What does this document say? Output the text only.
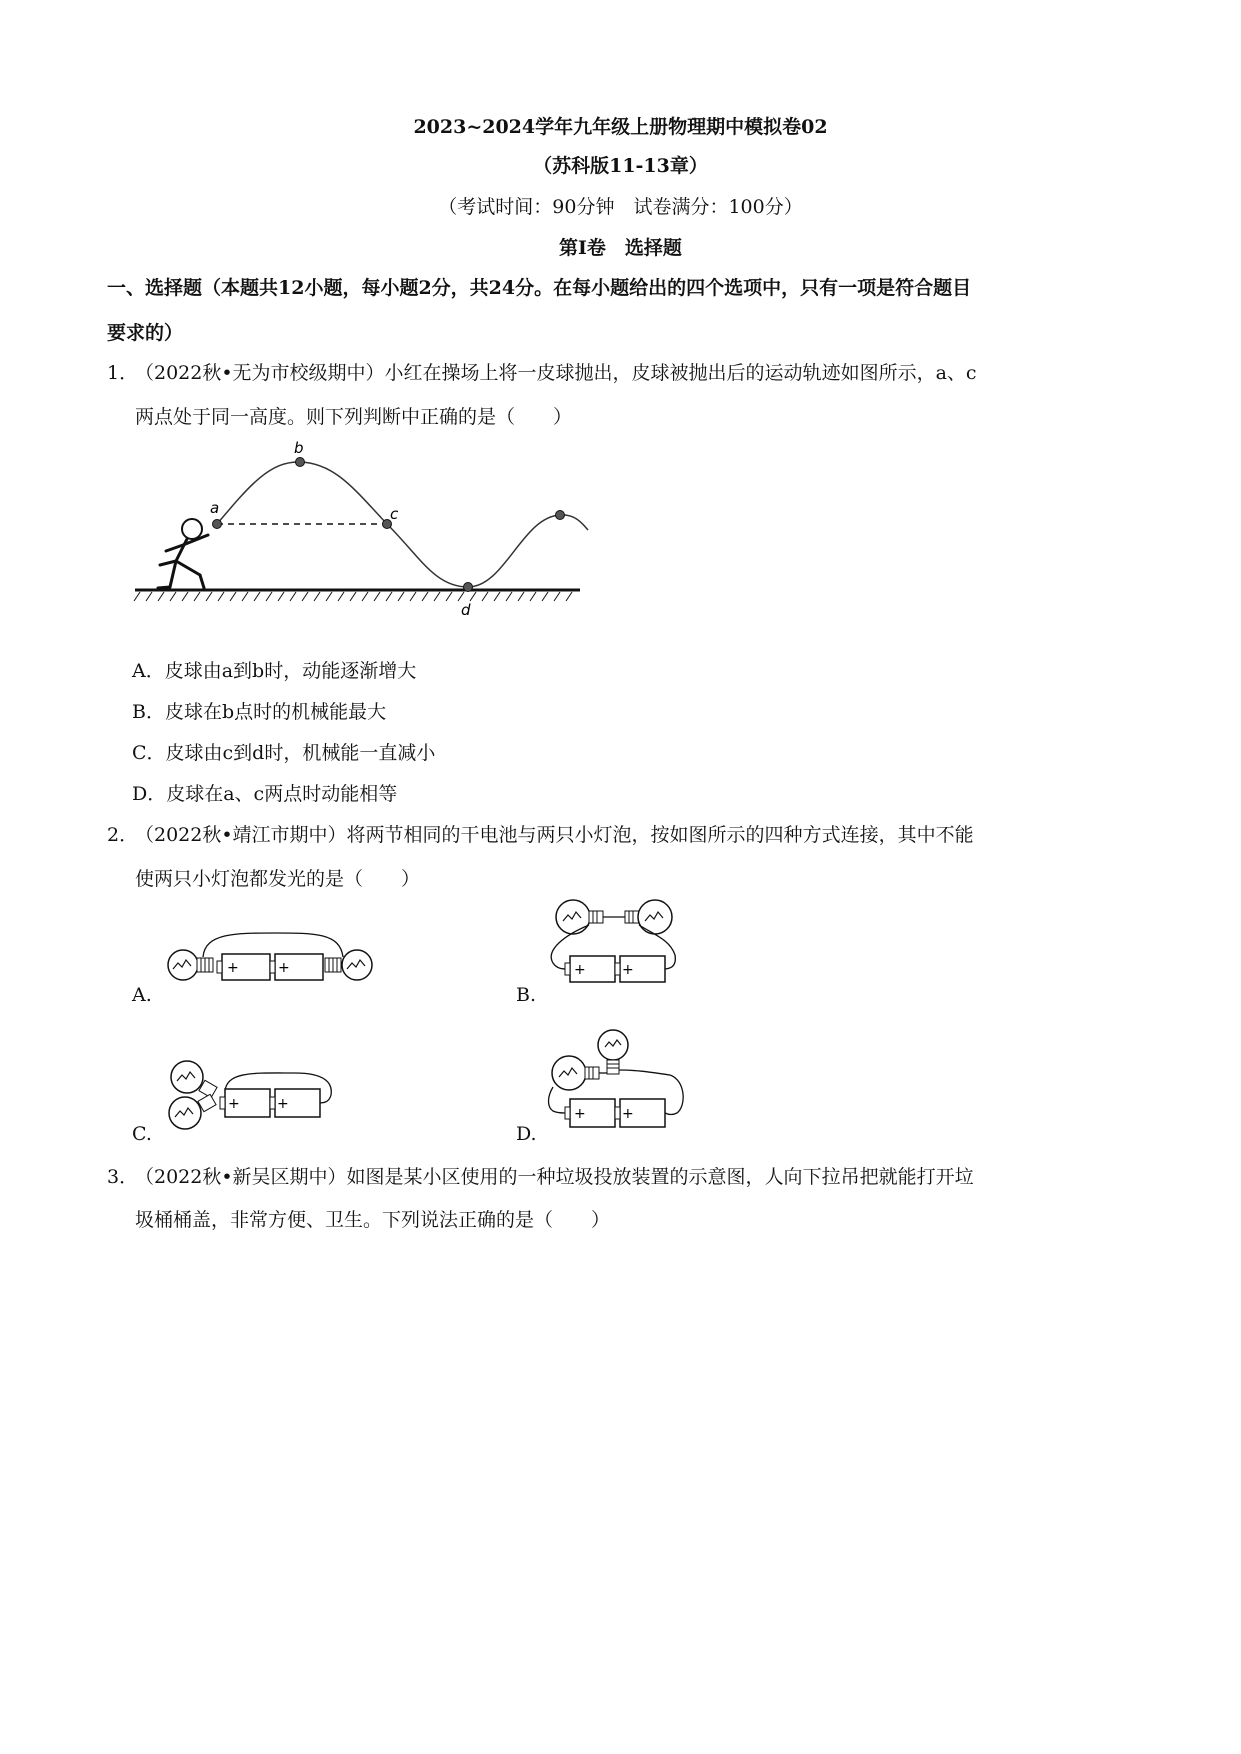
2023~2024学年九年级上册物理期中模拟卷02
（苏科版11-13章）
（考试时间：90分钟　试卷满分：100分）
第Ⅰ卷　选择题
一、选择题（本题共12小题，每小题2分，共24分。在每小题给出的四个选项中，只有一项是符合题目
要求的）
1．
（2022秋•无为市校级期中）小红在操场上将一皮球抛出，皮球被抛出后的运动轨迹如图所示，a、c
两点处于同一高度。则下列判断中正确的是（　　）
a
b
c
d
A．皮球由a到b时，动能逐渐增大
B．皮球在b点时的机械能最大
C．皮球由c到d时，机械能一直减小
D．皮球在a、c两点时动能相等
2．
（2022秋•靖江市期中）将两节相同的干电池与两只小灯泡，按如图所示的四种方式连接，其中不能
使两只小灯泡都发光的是（　　）
+	+
A.
+	+
B.
+	+
C.
+	+
D.
3．
（2022秋•新吴区期中）如图是某小区使用的一种垃圾投放装置的示意图，人向下拉吊把就能打开垃
圾桶桶盖，非常方便、卫生。下列说法正确的是（　　）
